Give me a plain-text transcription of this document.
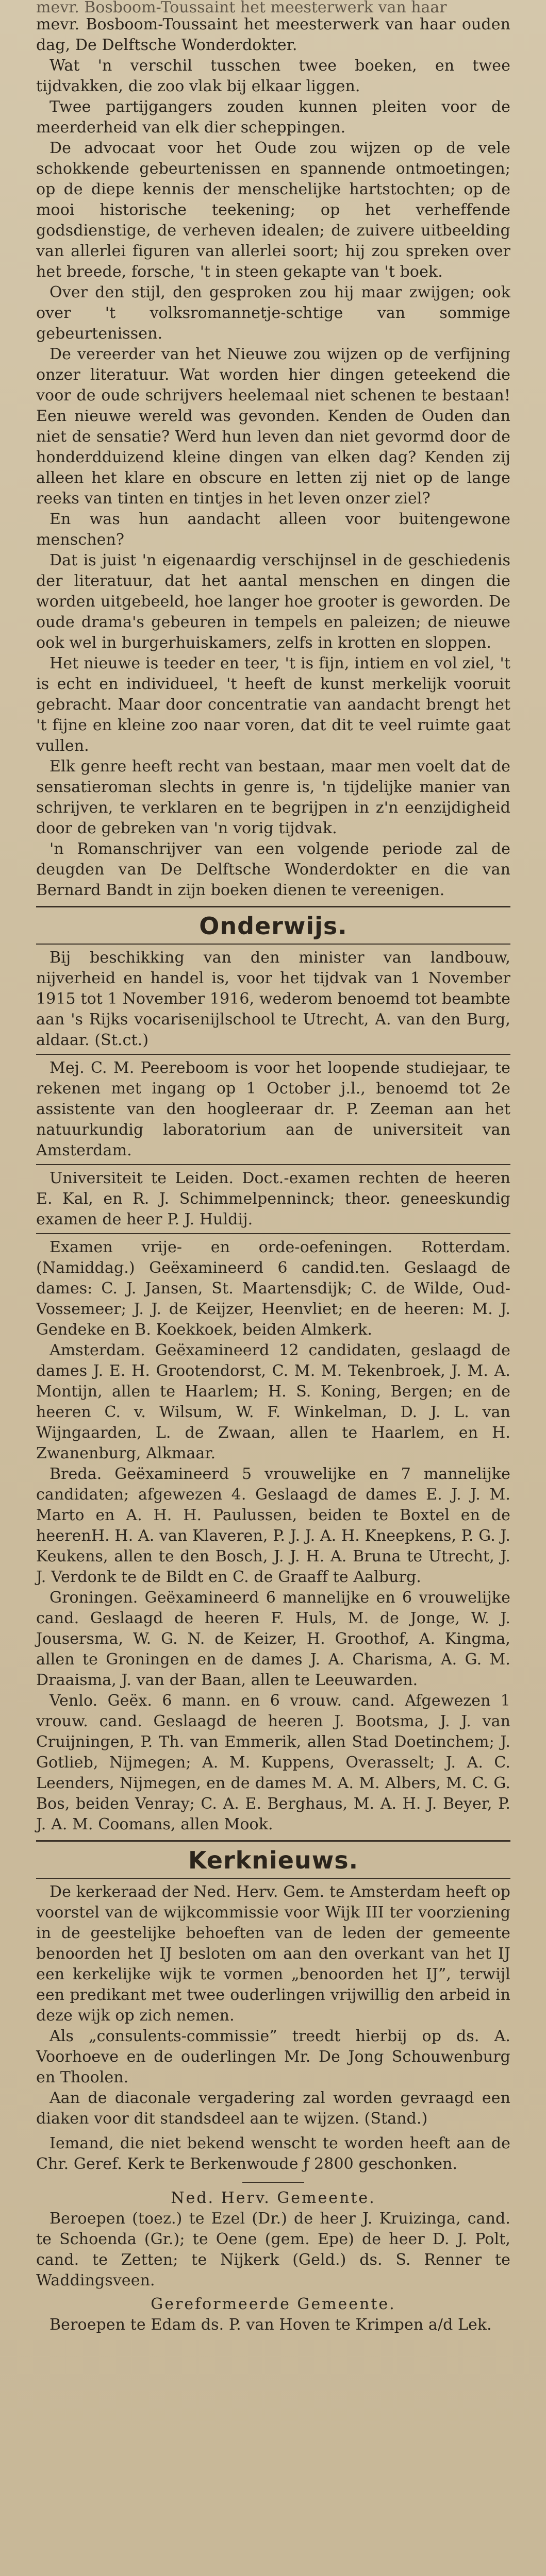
mevr. Bosboom-Toussaint het meesterwerk van haar

mevr. Bosboom-Toussaint het meesterwerk van haar ouden dag, De Delftsche Wonderdokter.

Wat 'n verschil tusschen twee boeken, en twee tijdvakken, die zoo vlak bij elkaar liggen.

Twee partijgangers zouden kunnen pleiten voor de meerderheid van elk dier scheppingen.

De advocaat voor het Oude zou wijzen op de vele schokkende gebeurtenissen en spannende ontmoetingen; op de diepe kennis der menschelijke hartstochten; op de mooi historische teekening; op het verheffende godsdienstige, de verheven idealen; de zuivere uitbeelding van allerlei figuren van allerlei soort; hij zou spreken over het breede, forsche, 't in steen gekapte van 't boek.

Over den stijl, den gesproken zou hij maar zwijgen; ook over 't volksromannetje-schtige van sommige gebeurtenissen.

De vereerder van het Nieuwe zou wijzen op de verfijning onzer literatuur. Wat worden hier dingen geteekend die voor de oude schrijvers heelemaal niet schenen te bestaan! Een nieuwe wereld was gevonden. Kenden de Ouden dan niet de sensatie? Werd hun leven dan niet gevormd door de honderdduizend kleine dingen van elken dag? Kenden zij alleen het klare en obscure en letten zij niet op de lange reeks van tinten en tintjes in het leven onzer ziel?

En was hun aandacht alleen voor buitengewone menschen?

Dat is juist 'n eigenaardig verschijnsel in de geschiedenis der literatuur, dat het aantal menschen en dingen die worden uitgebeeld, hoe langer hoe grooter is geworden. De oude drama's gebeuren in tempels en paleizen; de nieuwe ook wel in burgerhuiskamers, zelfs in krotten en sloppen.

Het nieuwe is teeder en teer, 't is fijn, intiem en vol ziel, 't is echt en individueel, 't heeft de kunst merkelijk vooruit gebracht. Maar door concentratie van aandacht brengt het 't fijne en kleine zoo naar voren, dat dit te veel ruimte gaat vullen.

Elk genre heeft recht van bestaan, maar men voelt dat de sensatieroman slechts in genre is, 'n tijdelijke manier van schrijven, te verklaren en te begrijpen in z'n eenzijdigheid door de gebreken van 'n vorig tijdvak.

'n Romanschrijver van een volgende periode zal de deugden van De Delftsche Wonderdokter en die van Bernard Bandt in zijn boeken dienen te vereenigen.

Onderwijs.

Bij beschikking van den minister van landbouw, nijverheid en handel is, voor het tijdvak van 1 November 1915 tot 1 November 1916, wederom benoemd tot beambte aan 's Rijks vocarisenijlschool te Utrecht, A. van den Burg, aldaar. (St.ct.)

Mej. C. M. Peereboom is voor het loopende studiejaar, te rekenen met ingang op 1 October j.l., benoemd tot 2e assistente van den hoogleeraar dr. P. Zeeman aan het natuurkundig laboratorium aan de universiteit van Amsterdam.

Universiteit te Leiden. Doct.-examen rechten de heeren E. Kal, en R. J. Schimmelpenninck; theor. geneeskundig examen de heer P. J. Huldij.

Examen vrije- en orde-oefeningen. Rotterdam. (Namiddag.) Geëxamineerd 6 candid.ten. Geslaagd de dames: C. J. Jansen, St. Maartensdijk; C. de Wilde, Oud-Vossemeer; J. J. de Keijzer, Heenvliet; en de heeren: M. J. Gendeke en B. Koekkoek, beiden Almkerk.

Amsterdam. Geëxamineerd 12 candidaten, geslaagd de dames J. E. H. Grootendorst, C. M. M. Tekenbroek, J. M. A. Montijn, allen te Haarlem; H. S. Koning, Bergen; en de heeren C. v. Wilsum, W. F. Winkelman, D. J. L. van Wijngaarden, L. de Zwaan, allen te Haarlem, en H. Zwanenburg, Alkmaar.

Breda. Geëxamineerd 5 vrouwelijke en 7 mannelijke candidaten; afgewezen 4. Geslaagd de dames E. J. J. M. Marto en A. H. H. Paulussen, beiden te Boxtel en de heerenH. H. A. van Klaveren, P. J. J. A. H. Kneepkens, P. G. J. Keukens, allen te den Bosch, J. J. H. A. Bruna te Utrecht, J. J. Verdonk te de Bildt en C. de Graaff te Aalburg.

Groningen. Geëxamineerd 6 mannelijke en 6 vrouwelijke cand. Geslaagd de heeren F. Huls, M. de Jonge, W. J. Jousersma, W. G. N. de Keizer, H. Groothof, A. Kingma, allen te Groningen en de dames J. A. Charisma, A. G. M. Draaisma, J. van der Baan, allen te Leeuwarden.

Venlo. Geëx. 6 mann. en 6 vrouw. cand. Afgewezen 1 vrouw. cand. Geslaagd de heeren J. Bootsma, J. J. van Cruijningen, P. Th. van Emmerik, allen Stad Doetinchem; J. Gotlieb, Nijmegen; A. M. Kuppens, Overasselt; J. A. C. Leenders, Nijmegen, en de dames M. A. M. Albers, M. C. G. Bos, beiden Venray; C. A. E. Berghaus, M. A. H. J. Beyer, P. J. A. M. Coomans, allen Mook.

Kerknieuws.

De kerkeraad der Ned. Herv. Gem. te Amsterdam heeft op voorstel van de wijkcommissie voor Wijk III ter voorziening in de geestelijke behoeften van de leden der gemeente benoorden het IJ besloten om aan den overkant van het IJ een kerkelijke wijk te vormen „benoorden het IJ”, terwijl een predikant met twee ouderlingen vrijwillig den arbeid in deze wijk op zich nemen.

Als „consulents-commissie” treedt hierbij op ds. A. Voorhoeve en de ouderlingen Mr. De Jong Schouwenburg en Thoolen.

Aan de diaconale vergadering zal worden gevraagd een diaken voor dit standsdeel aan te wijzen. (Stand.)

Iemand, die niet bekend wenscht te worden heeft aan de Chr. Geref. Kerk te Berkenwoude ƒ 2800 geschonken.

Ned. Herv. Gemeente.

Beroepen (toez.) te Ezel (Dr.) de heer J. Kruizinga, cand. te Schoenda (Gr.); te Oene (gem. Epe) de heer D. J. Polt, cand. te Zetten; te Nijkerk (Geld.) ds. S. Renner te Waddingsveen.

Gereformeerde Gemeente.

Beroepen te Edam ds. P. van Hoven te Krimpen a/d Lek.
